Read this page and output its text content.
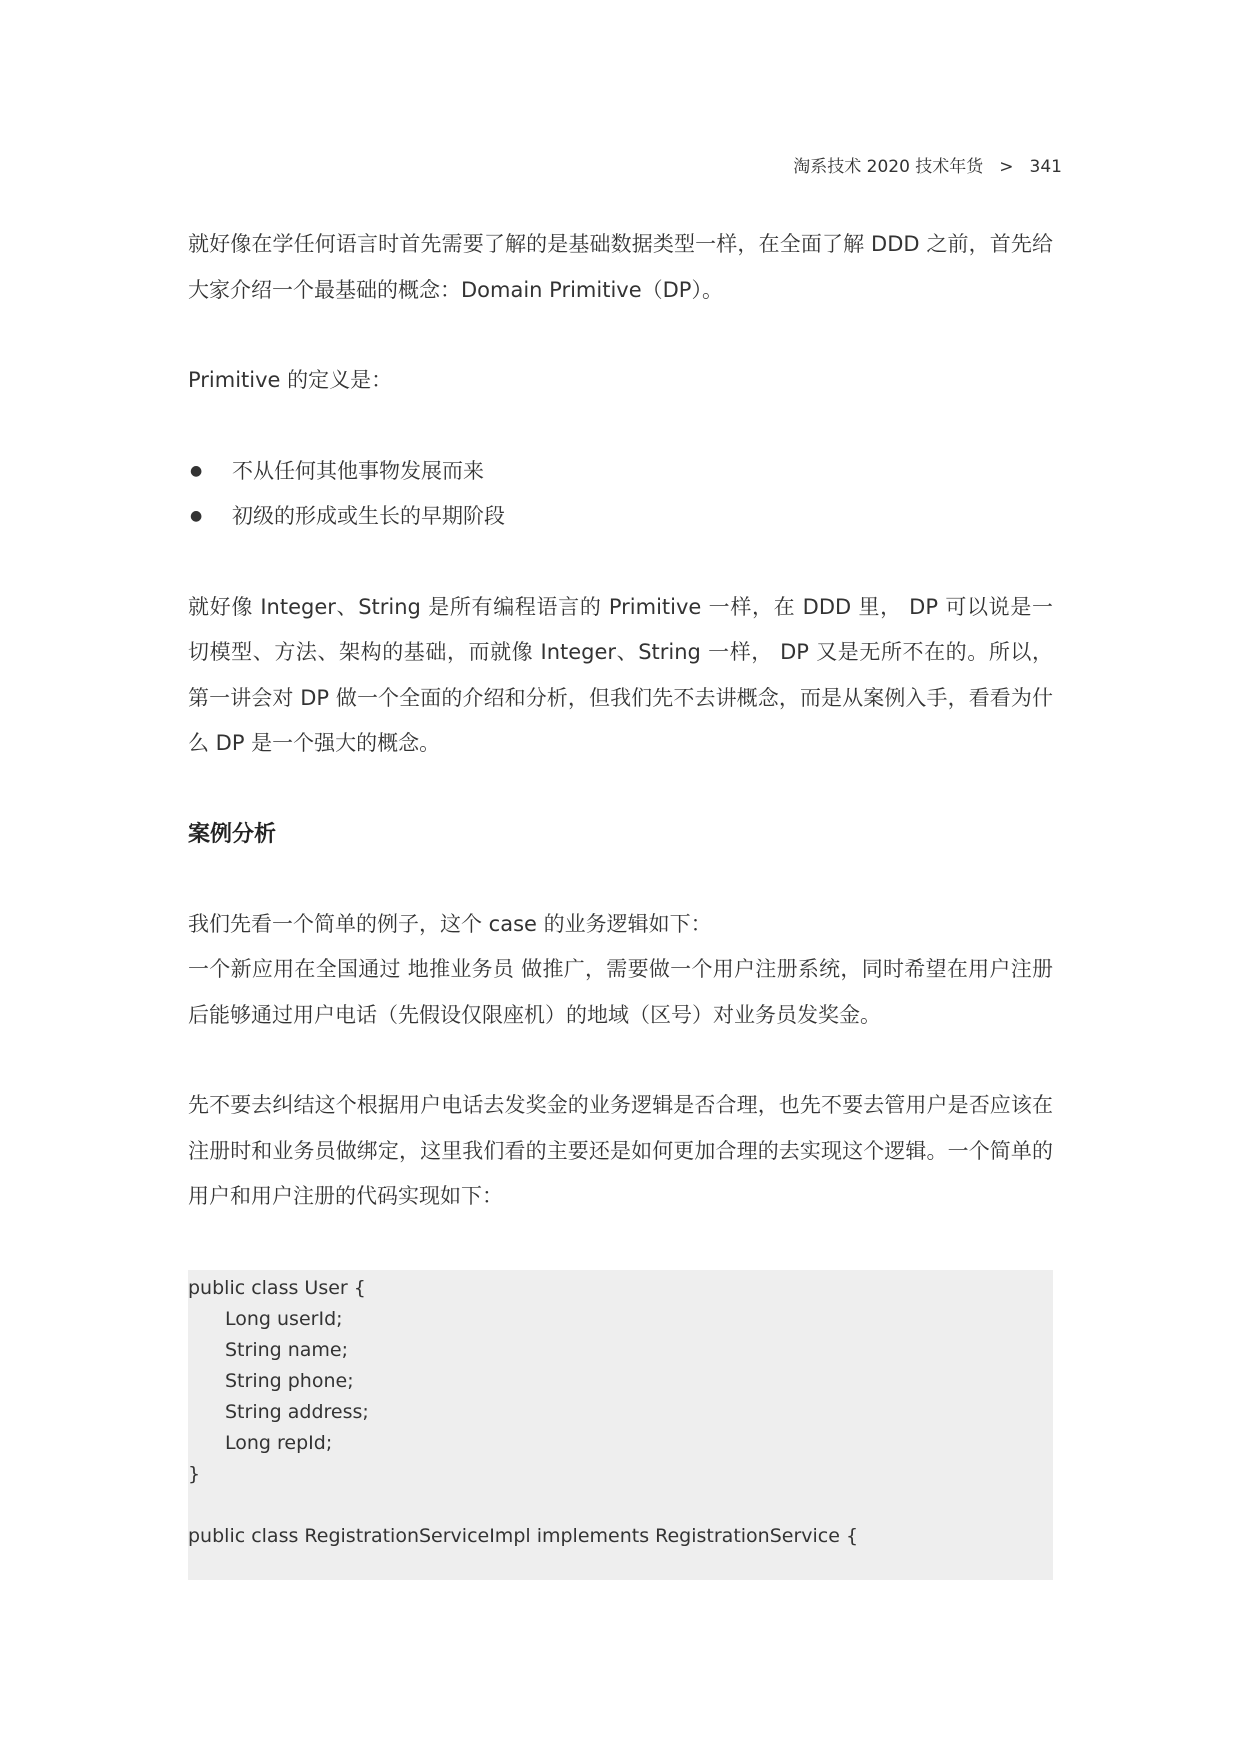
淘系技术 2020 技术年货 > 341

就好像在学任何语言时首先需要了解的是基础数据类型一样，在全面了解 DDD 之前，首先给大家介绍一个最基础的概念：Domain Primitive（DP）。

Primitive 的定义是：

● 不从任何其他事物发展而来
● 初级的形成或生长的早期阶段

就好像 Integer、String 是所有编程语言的 Primitive 一样，在 DDD 里， DP 可以说是一切模型、方法、架构的基础，而就像 Integer、String 一样， DP 又是无所不在的。所以，第一讲会对 DP 做一个全面的介绍和分析，但我们先不去讲概念，而是从案例入手，看看为什么 DP 是一个强大的概念。

案例分析

我们先看一个简单的例子，这个 case 的业务逻辑如下：

一个新应用在全国通过 地推业务员 做推广，需要做一个用户注册系统，同时希望在用户注册后能够通过用户电话（先假设仅限座机）的地域（区号）对业务员发奖金。

先不要去纠结这个根据用户电话去发奖金的业务逻辑是否合理，也先不要去管用户是否应该在注册时和业务员做绑定，这里我们看的主要还是如何更加合理的去实现这个逻辑。一个简单的用户和用户注册的代码实现如下：

public class User {
Long userId;
String name;
String phone;
String address;
Long repId;
}
public class RegistrationServiceImpl implements RegistrationService {
